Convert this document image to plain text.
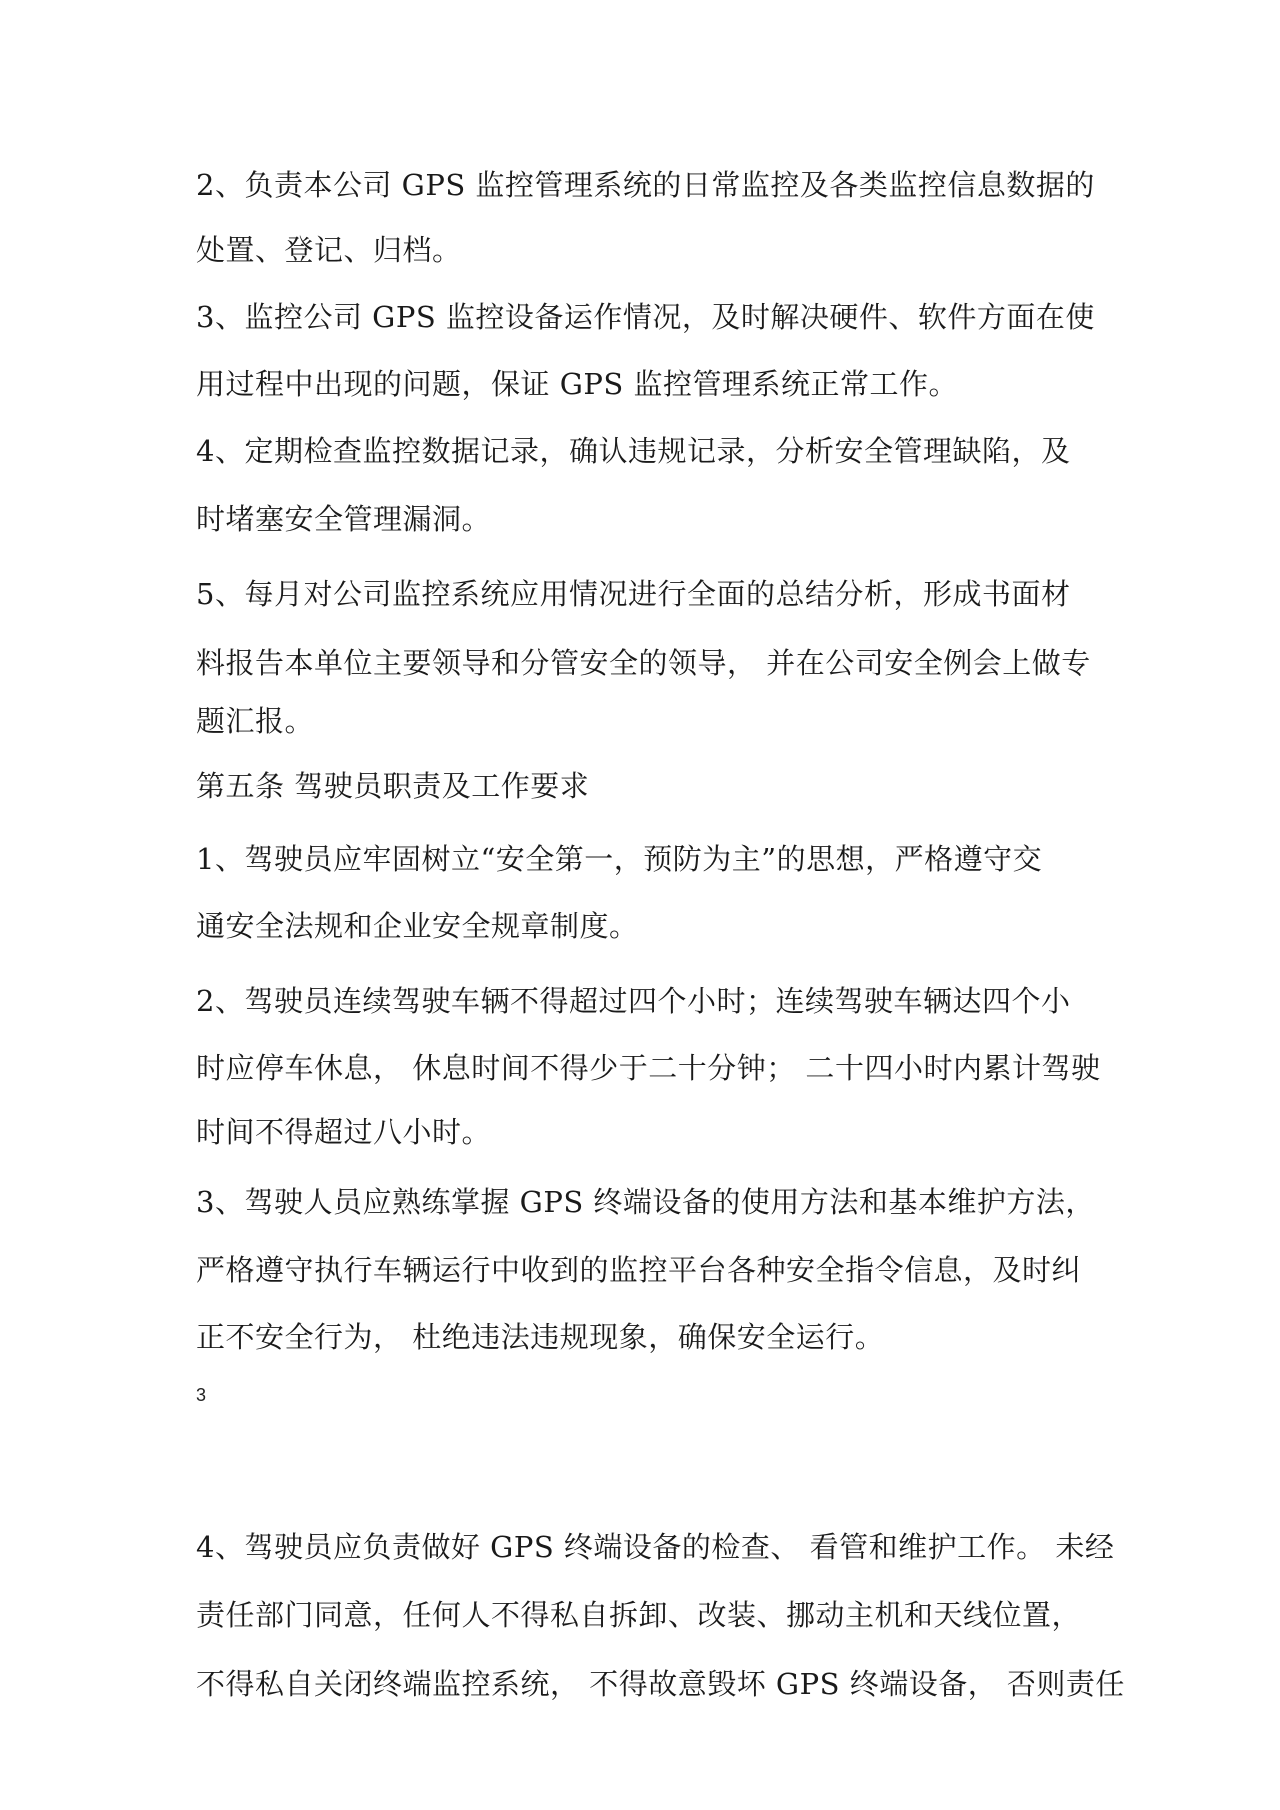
2、负责本公司 GPS 监控管理系统的日常监控及各类监控信息数据的
处置、登记、归档。
3、监控公司 GPS 监控设备运作情况，及时解决硬件、软件方面在使
用过程中出现的问题，保证 GPS 监控管理系统正常工作。
4、定期检查监控数据记录，确认违规记录，分析安全管理缺陷，及
时堵塞安全管理漏洞。
5、每月对公司监控系统应用情况进行全面的总结分析，形成书面材
料报告本单位主要领导和分管安全的领导， 并在公司安全例会上做专
题汇报。
第五条 驾驶员职责及工作要求
1、驾驶员应牢固树立“安全第一，预防为主”的思想，严格遵守交
通安全法规和企业安全规章制度。
2、驾驶员连续驾驶车辆不得超过四个小时；连续驾驶车辆达四个小
时应停车休息， 休息时间不得少于二十分钟； 二十四小时内累计驾驶
时间不得超过八小时。
3、驾驶人员应熟练掌握 GPS 终端设备的使用方法和基本维护方法，
严格遵守执行车辆运行中收到的监控平台各种安全指令信息，及时纠
正不安全行为， 杜绝违法违规现象，确保安全运行。
3
4、驾驶员应负责做好 GPS 终端设备的检查、 看管和维护工作。 未经
责任部门同意，任何人不得私自拆卸、改装、挪动主机和天线位置，
不得私自关闭终端监控系统， 不得故意毁坏 GPS 终端设备， 否则责任
